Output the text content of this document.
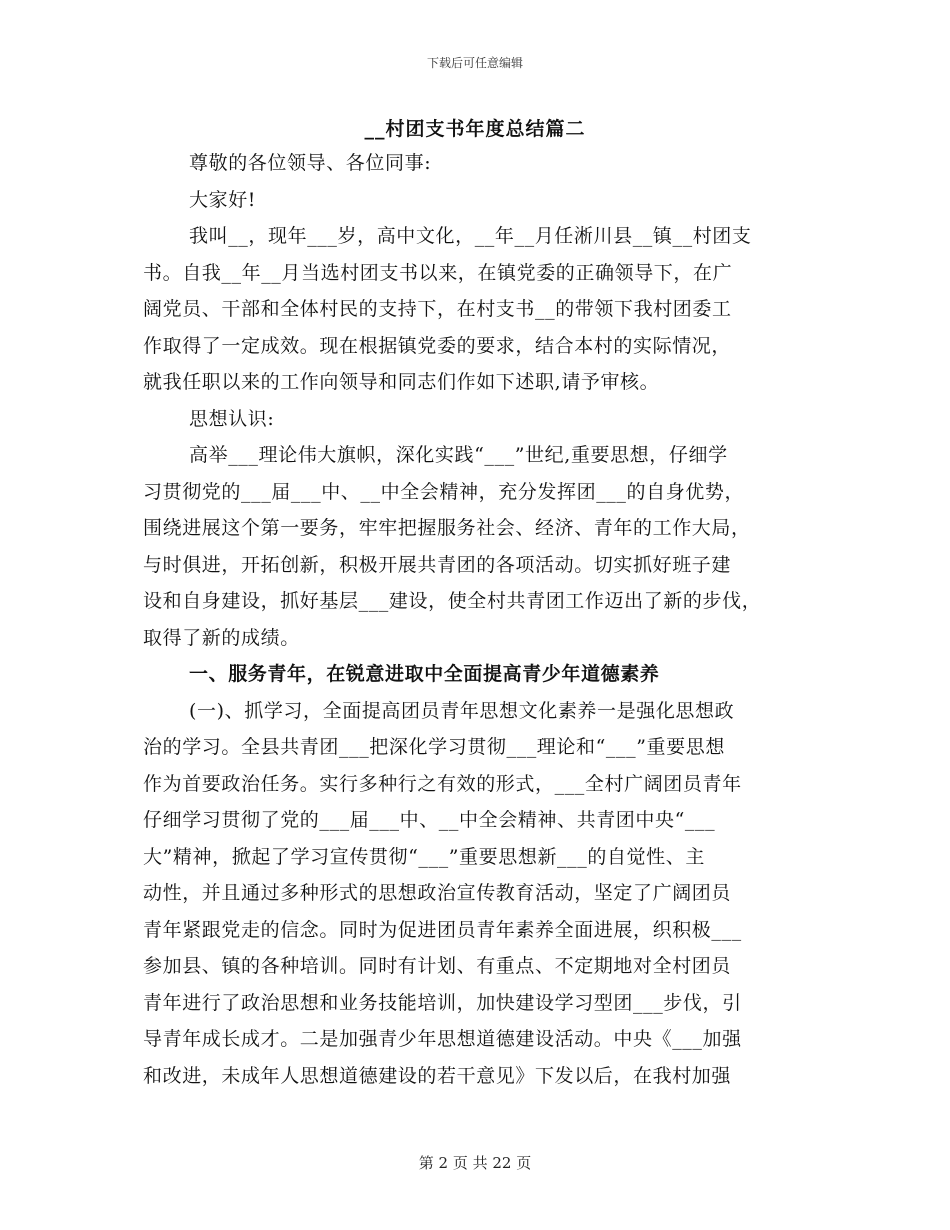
下载后可任意编辑
__村团支书年度总结篇二
尊敬的各位领导、各位同事:
大家好!
我叫__，现年___岁，高中文化，__年__月任淅川县__镇__村团支
书。自我__年__月当选村团支书以来，在镇党委的正确领导下，在广
阔党员、干部和全体村民的支持下，在村支书__的带领下我村团委工
作取得了一定成效。现在根据镇党委的要求，结合本村的实际情况，
就我任职以来的工作向领导和同志们作如下述职,请予审核。
思想认识:
高举___理论伟大旗帜，深化实践“___”世纪,重要思想，仔细学
习贯彻党的___届___中、__中全会精神，充分发挥团___的自身优势，
围绕进展这个第一要务，牢牢把握服务社会、经济、青年的工作大局，
与时俱进，开拓创新，积极开展共青团的各项活动。切实抓好班子建
设和自身建设，抓好基层___建设，使全村共青团工作迈出了新的步伐，
取得了新的成绩。
一、服务青年，在锐意进取中全面提高青少年道德素养
(一)、抓学习，全面提高团员青年思想文化素养一是强化思想政
治的学习。全县共青团___把深化学习贯彻___理论和“___”重要思想
作为首要政治任务。实行多种行之有效的形式，___全村广阔团员青年
仔细学习贯彻了党的___届___中、__中全会精神、共青团中央“___
大”精神，掀起了学习宣传贯彻“___”重要思想新___的自觉性、主
动性，并且通过多种形式的思想政治宣传教育活动，坚定了广阔团员
青年紧跟党走的信念。同时为促进团员青年素养全面进展，织积极___
参加县、镇的各种培训。同时有计划、有重点、不定期地对全村团员
青年进行了政治思想和业务技能培训，加快建设学习型团___步伐，引
导青年成长成才。二是加强青少年思想道德建设活动。中央《___加强
和改进，未成年人思想道德建设的若干意见》下发以后，在我村加强
第 2 页 共 22 页
